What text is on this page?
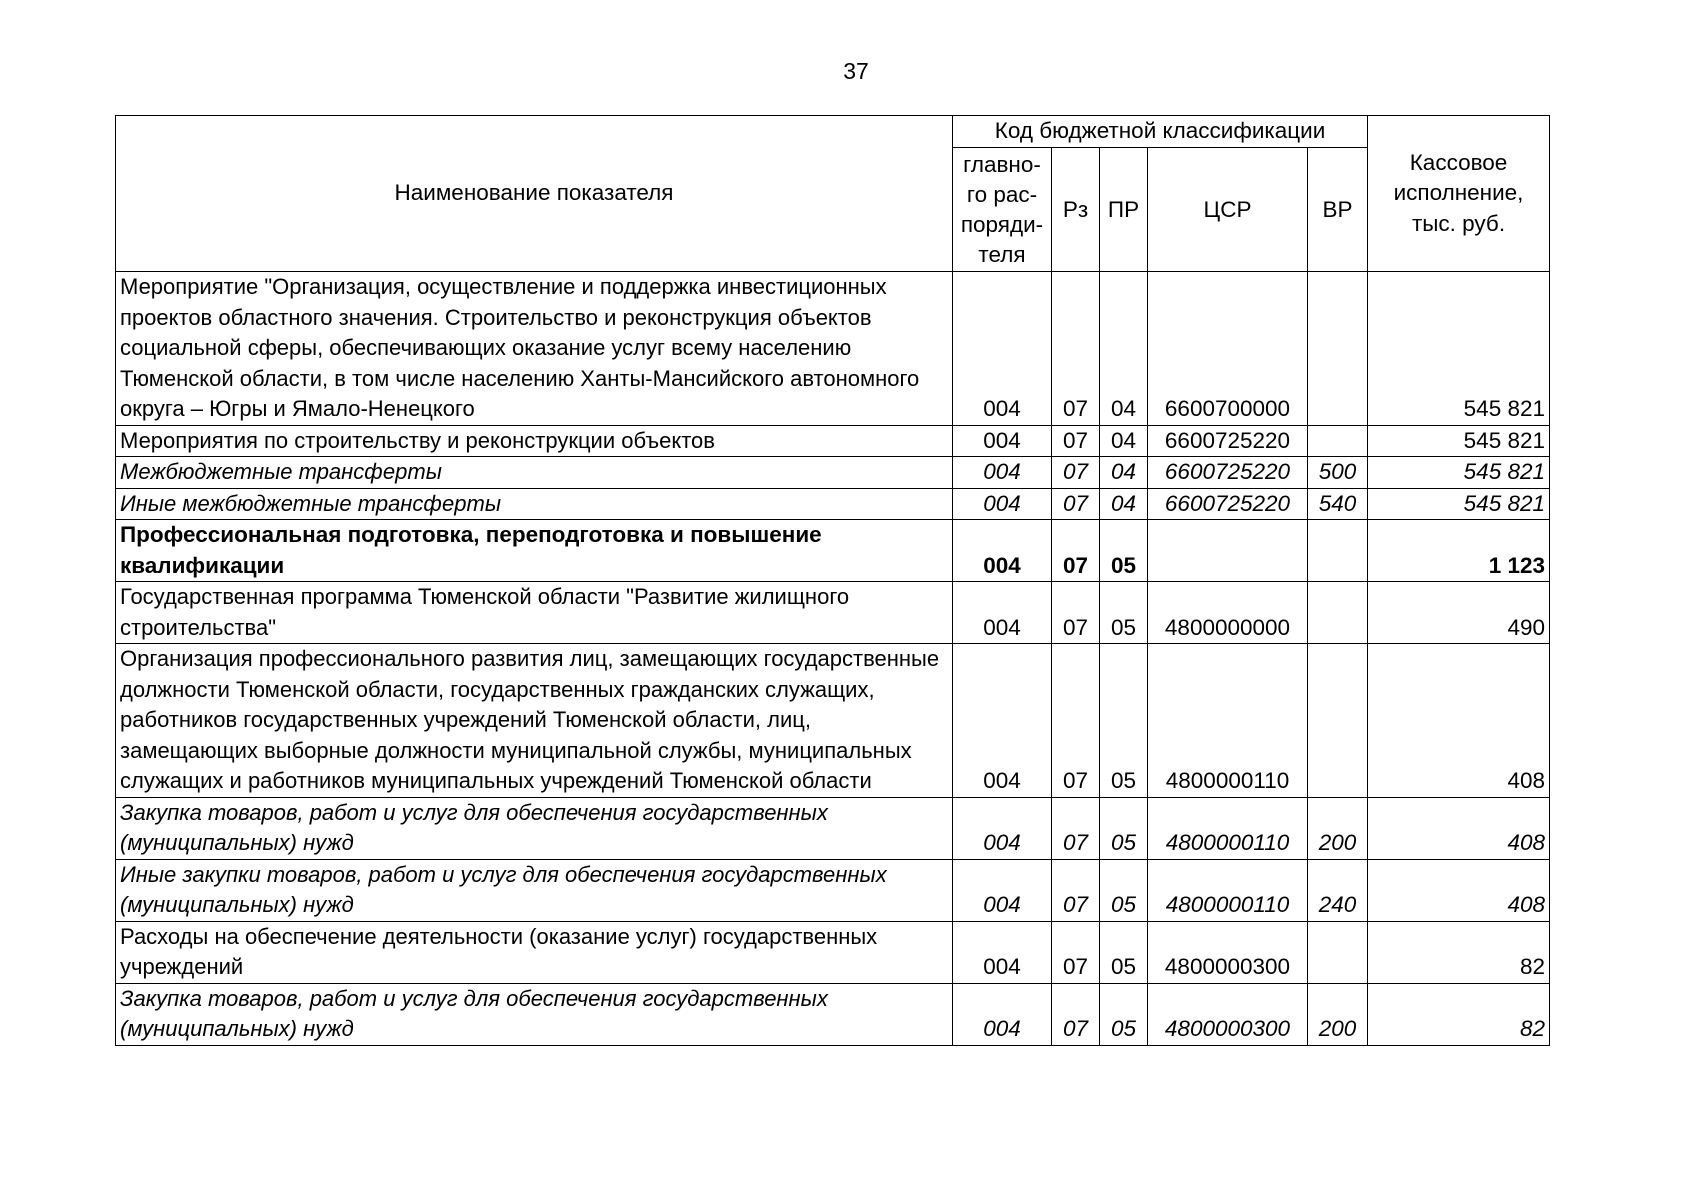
37
Наименование показателя	Код бюджетной классификации					Кассовое исполнение, тыс. руб.
	главно-го рас-поряди-теля	Рз	ПР	ЦСР	ВР	
Мероприятие "Организация, осуществление и поддержка инвестиционных проектов областного значения. Строительство и реконструкция объектов социальной сферы, обеспечивающих оказание услуг всему населению Тюменской области, в том числе населению Ханты-Мансийского автономного округа – Югры и Ямало-Ненецкого	004	07	04	6600700000		545 821
Мероприятия по строительству и реконструкции объектов	004	07	04	6600725220		545 821
Межбюджетные трансферты	004	07	04	6600725220	500	545 821
Иные межбюджетные трансферты	004	07	04	6600725220	540	545 821
Профессиональная подготовка, переподготовка и повышение квалификации	004	07	05			1 123
Государственная программа Тюменской области "Развитие жилищного строительства"	004	07	05	4800000000		490
Организация профессионального развития лиц, замещающих государственные должности Тюменской области, государственных гражданских служащих, работников государственных учреждений Тюменской области, лиц, замещающих выборные должности муниципальной службы, муниципальных служащих и работников муниципальных учреждений Тюменской области	004	07	05	4800000110		408
Закупка товаров, работ и услуг для обеспечения государственных (муниципальных) нужд	004	07	05	4800000110	200	408
Иные закупки товаров, работ и услуг для обеспечения государственных (муниципальных) нужд	004	07	05	4800000110	240	408
Расходы на обеспечение деятельности (оказание услуг) государственных учреждений	004	07	05	4800000300		82
Закупка товаров, работ и услуг для обеспечения государственных (муниципальных) нужд	004	07	05	4800000300	200	82
